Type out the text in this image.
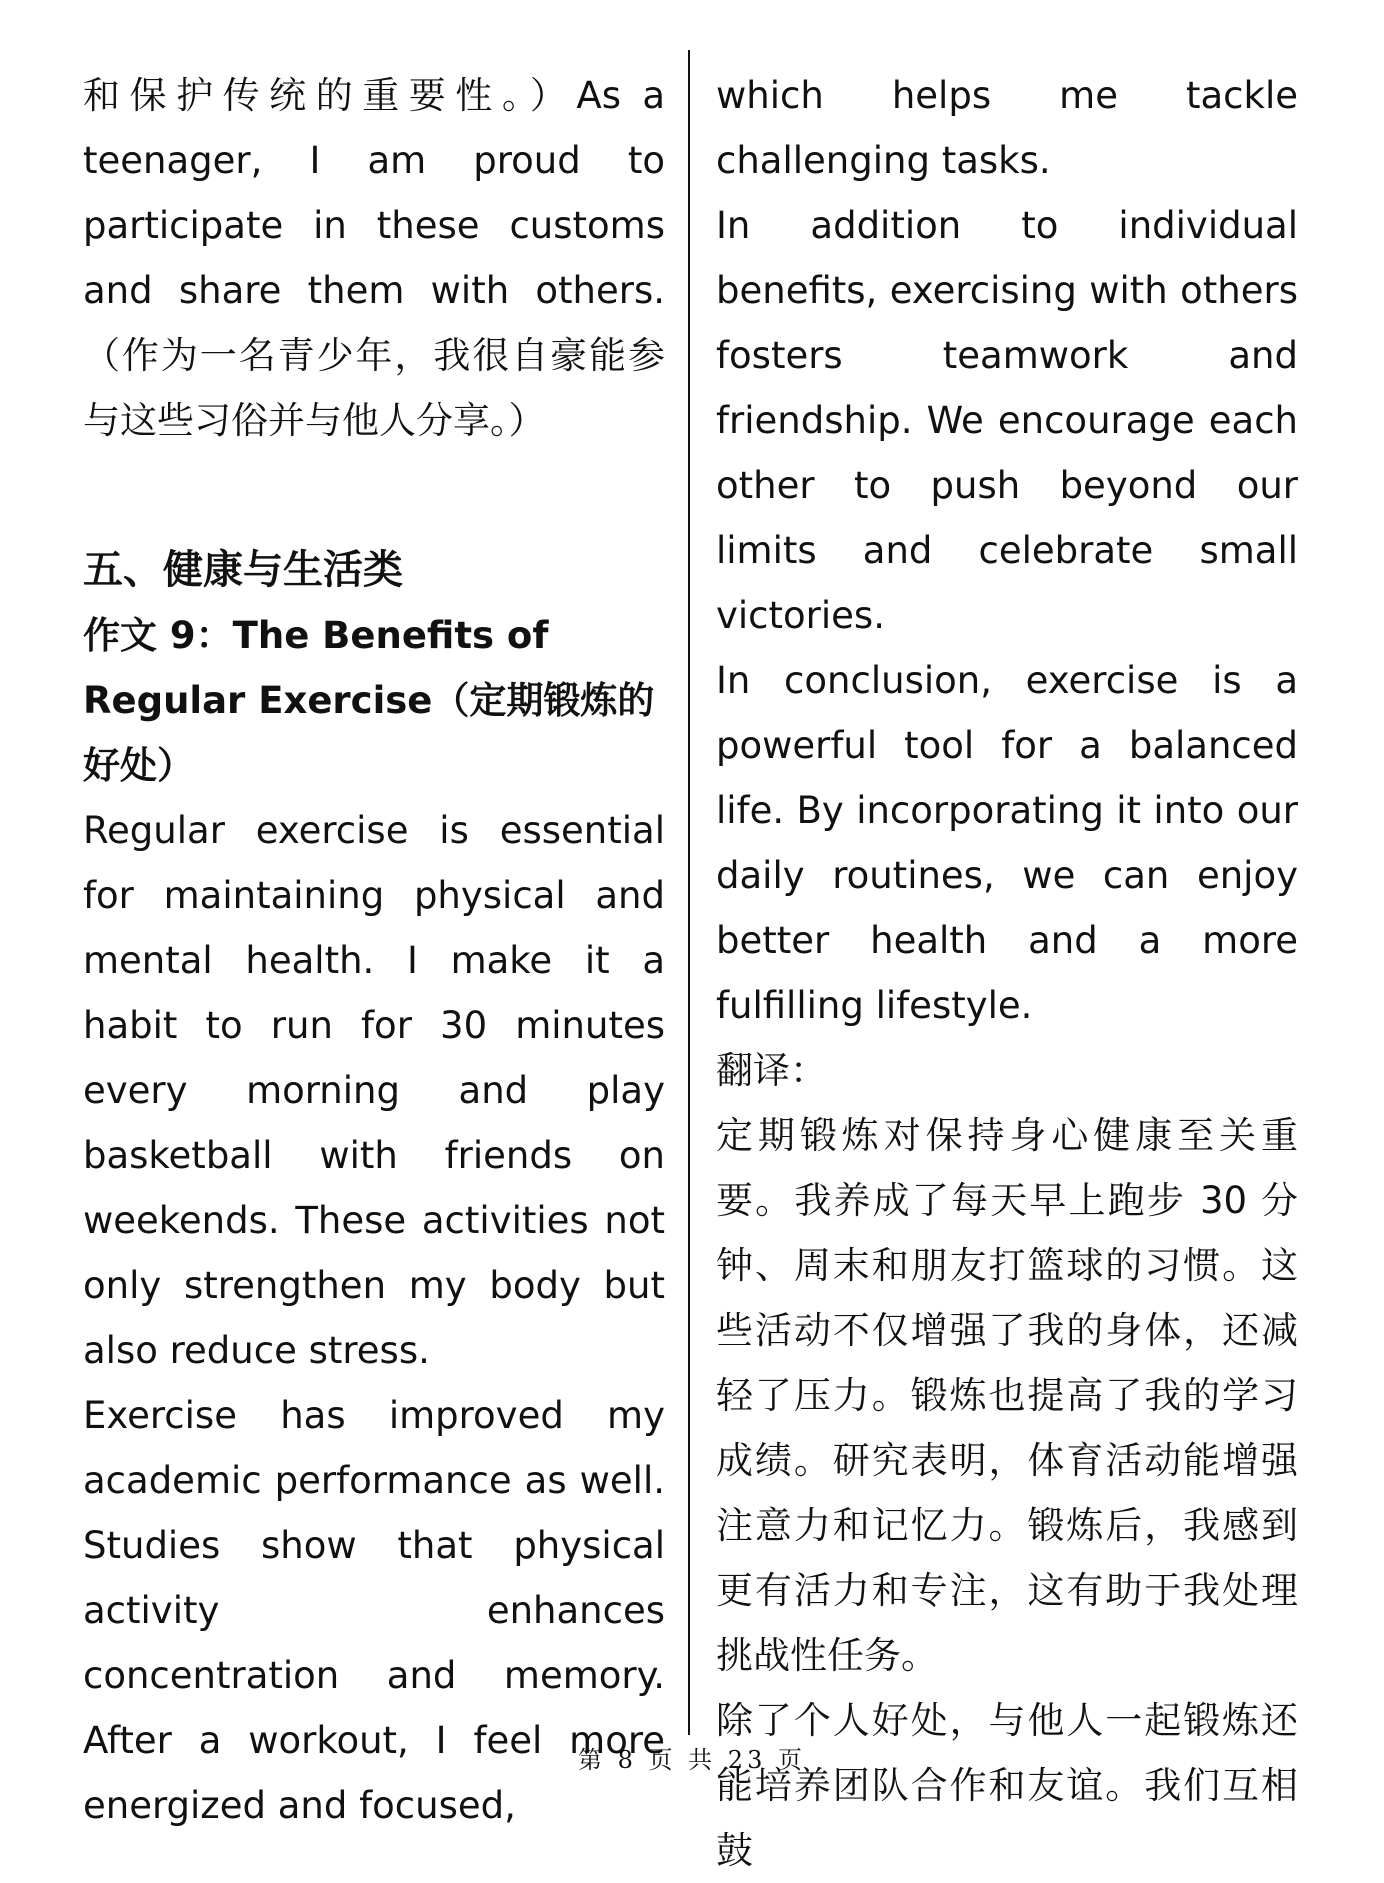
和保护传统的重要性。）As a teenager, I am proud to participate in these customs and share them with others.（作为一名青少年，我很自豪能参与这些习俗并与他人分享。）

五、健康与生活类
作文 9：The Benefits of Regular Exercise（定期锻炼的好处）

Regular exercise is essential for maintaining physical and mental health. I make it a habit to run for 30 minutes every morning and play basketball with friends on weekends. These activities not only strengthen my body but also reduce stress.

Exercise has improved my academic performance as well. Studies show that physical activity enhances concentration and memory. After a workout, I feel more energized and focused,

which helps me tackle challenging tasks.

In addition to individual benefits, exercising with others fosters teamwork and friendship. We encourage each other to push beyond our limits and celebrate small victories.

In conclusion, exercise is a powerful tool for a balanced life. By incorporating it into our daily routines, we can enjoy better health and a more fulfilling lifestyle.

翻译：

定期锻炼对保持身心健康至关重要。我养成了每天早上跑步 30 分钟、周末和朋友打篮球的习惯。这些活动不仅增强了我的身体，还减轻了压力。锻炼也提高了我的学习成绩。研究表明，体育活动能增强注意力和记忆力。锻炼后，我感到更有活力和专注，这有助于我处理挑战性任务。

除了个人好处，与他人一起锻炼还能培养团队合作和友谊。我们互相鼓

第 8 页 共 23 页
